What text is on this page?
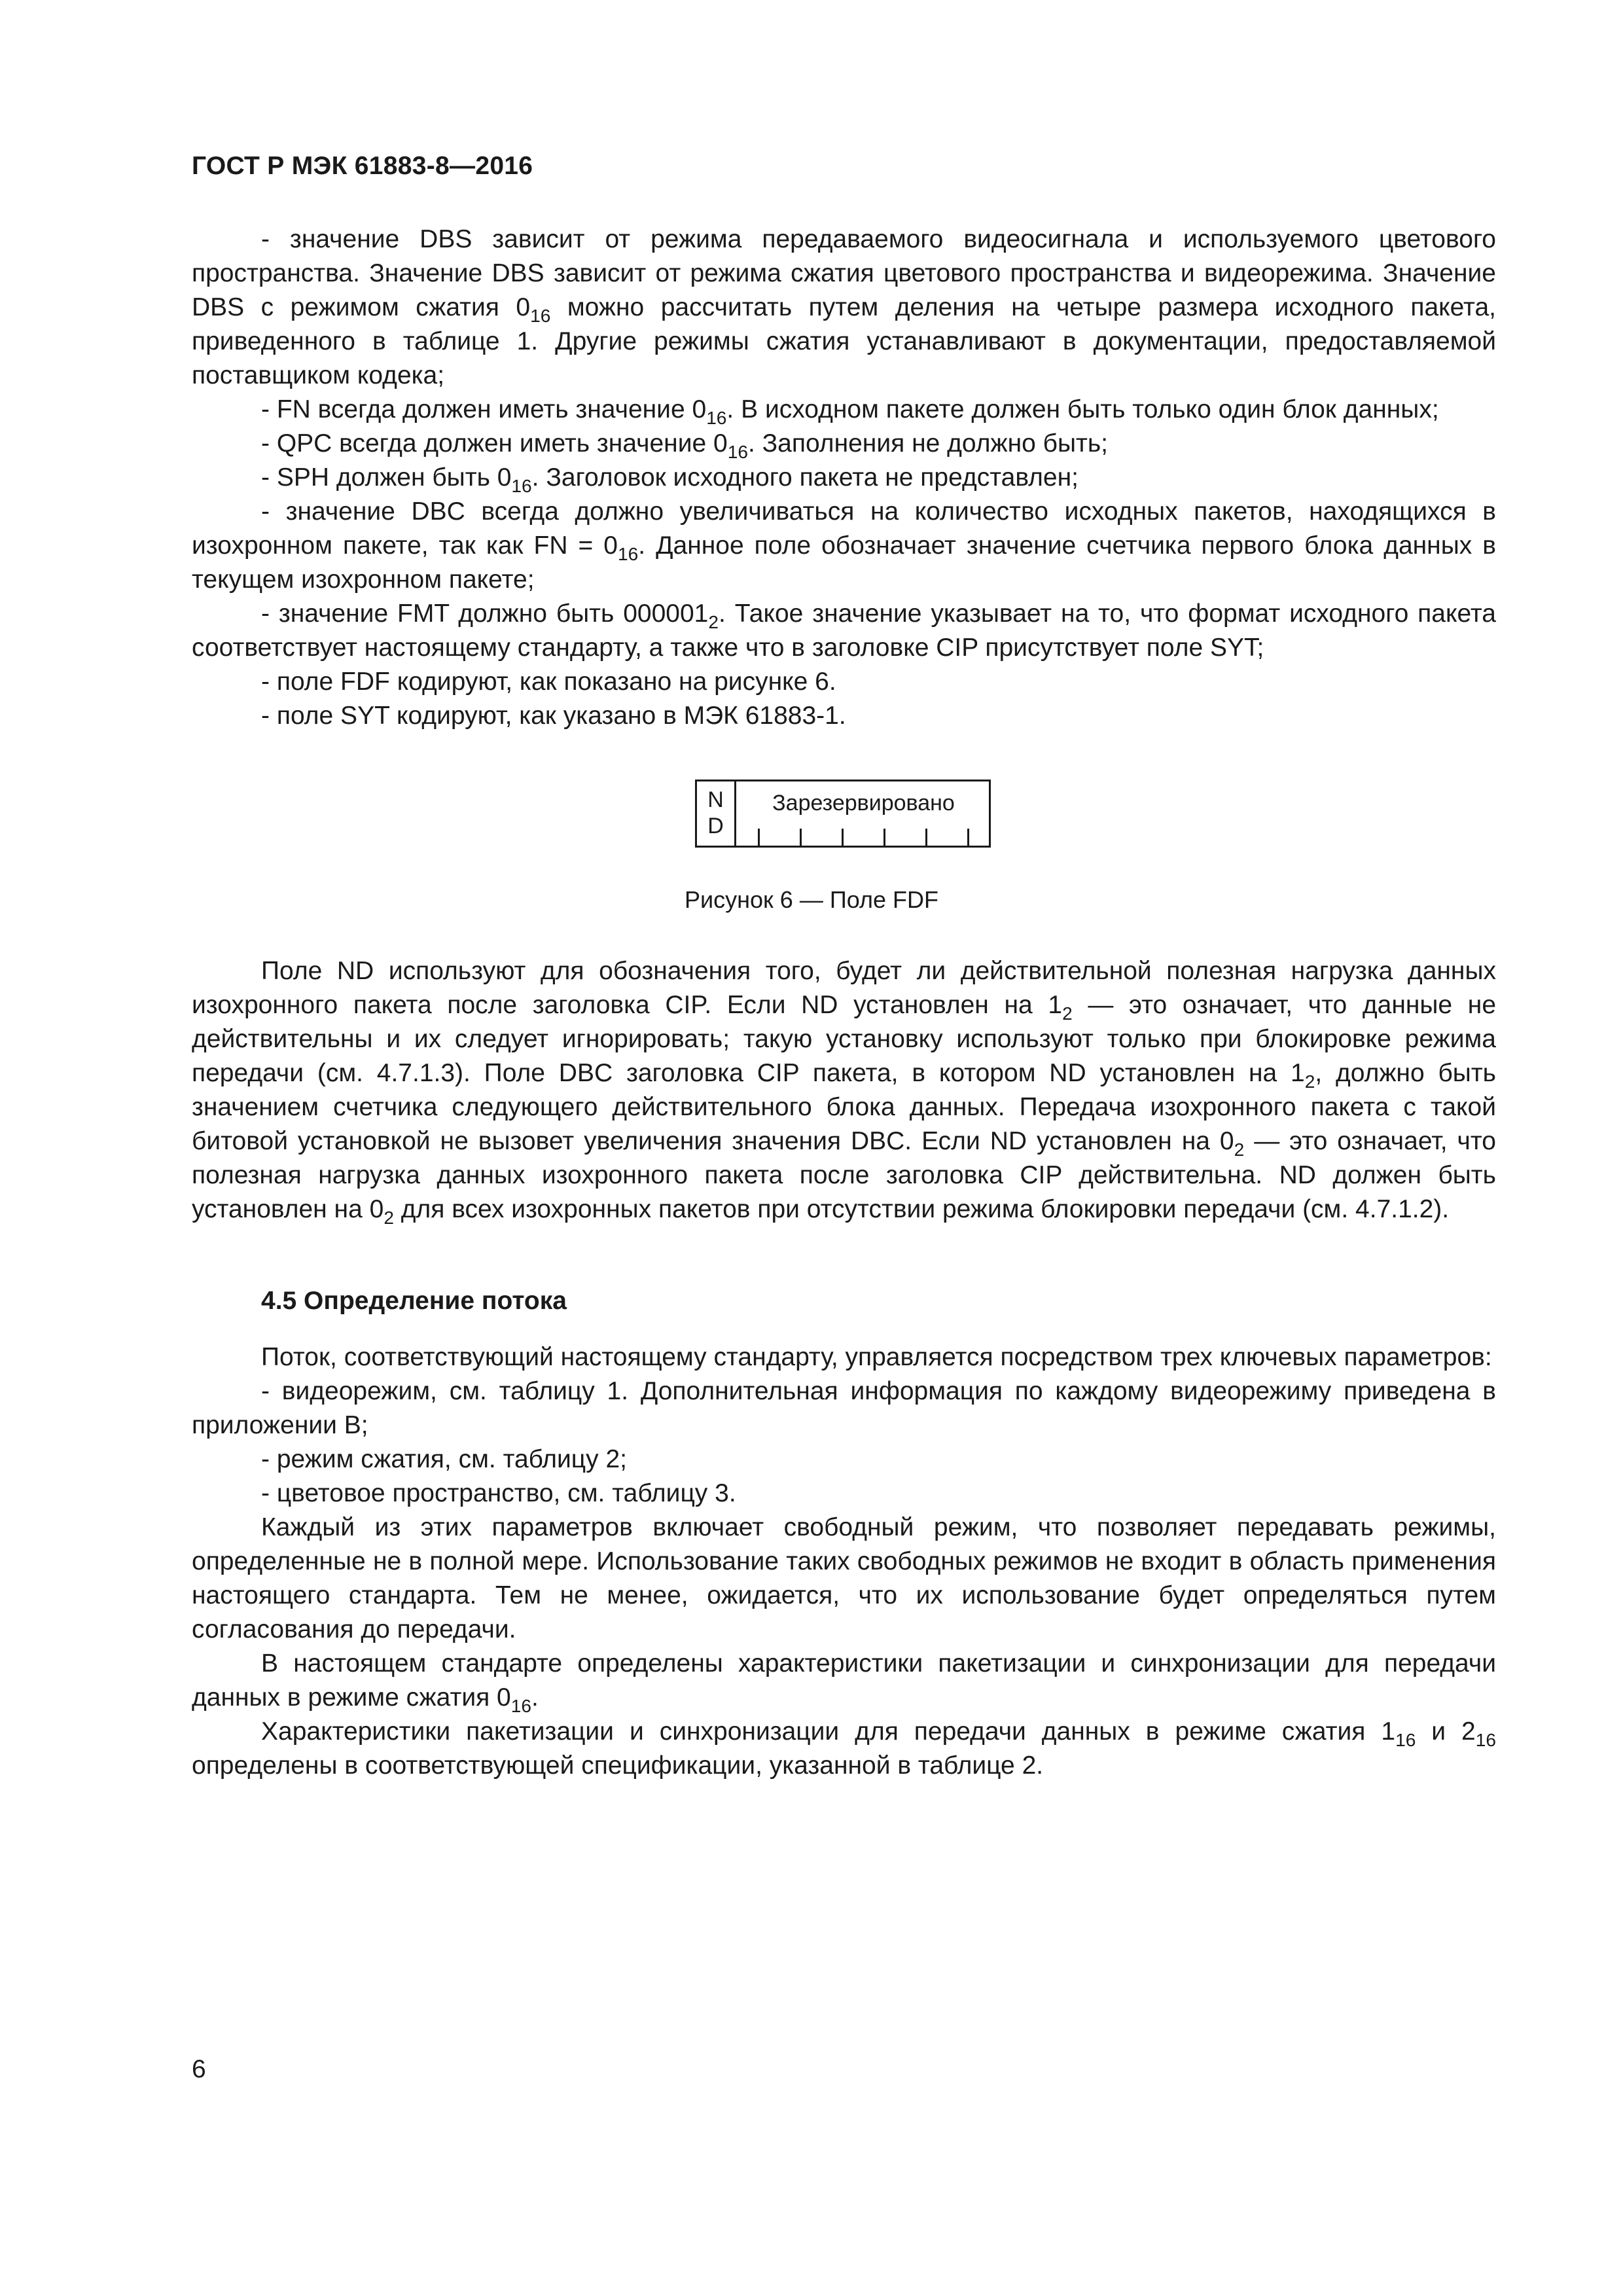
ГОСТ Р МЭК 61883-8—2016

- значение DBS зависит от режима передаваемого видеосигнала и используемого цветового пространства. Значение DBS зависит от режима сжатия цветового пространства и видеорежима. Значение DBS с режимом сжатия $0_{16}$ можно рассчитать путем деления на четыре размера исходного пакета, приведенного в таблице 1. Другие режимы сжатия устанавливают в документации, предоставляемой поставщиком кодека;

- FN всегда должен иметь значение $0_{16}$. В исходном пакете должен быть только один блок данных;

- QPC всегда должен иметь значение $0_{16}$. Заполнения не должно быть;

- SPH должен быть $0_{16}$. Заголовок исходного пакета не представлен;

- значение DBC всегда должно увеличиваться на количество исходных пакетов, находящихся в изохронном пакете, так как FN = $0_{16}$. Данное поле обозначает значение счетчика первого блока данных в текущем изохронном пакете;

- значение FMT должно быть $000001_2$. Такое значение указывает на то, что формат исходного пакета соответствует настоящему стандарту, а также что в заголовке CIP присутствует поле SYT;

- поле FDF кодируют, как показано на рисунке 6.

- поле SYT кодируют, как указано в МЭК 61883-1.

N
D
Зарезервировано
Рисунок 6 — Поле FDF

Поле ND используют для обозначения того, будет ли действительной полезная нагрузка данных изохронного пакета после заголовка CIP. Если ND установлен на $1_2$ — это означает, что данные не действительны и их следует игнорировать; такую установку используют только при блокировке режима передачи (см. 4.7.1.3). Поле DBC заголовка CIP пакета, в котором ND установлен на $1_2$, должно быть значением счетчика следующего действительного блока данных. Передача изохронного пакета с такой битовой установкой не вызовет увеличения значения DBC. Если ND установлен на $0_2$ — это означает, что полезная нагрузка данных изохронного пакета после заголовка CIP действительна. ND должен быть установлен на $0_2$ для всех изохронных пакетов при отсутствии режима блокировки передачи (см. 4.7.1.2).

4.5 Определение потока

Поток, соответствующий настоящему стандарту, управляется посредством трех ключевых параметров:

- видеорежим, см. таблицу 1. Дополнительная информация по каждому видеорежиму приведена в приложении В;

- режим сжатия, см. таблицу 2;

- цветовое пространство, см. таблицу 3.

Каждый из этих параметров включает свободный режим, что позволяет передавать режимы, определенные не в полной мере. Использование таких свободных режимов не входит в область применения настоящего стандарта. Тем не менее, ожидается, что их использование будет определяться путем согласования до передачи.

В настоящем стандарте определены характеристики пакетизации и синхронизации для передачи данных в режиме сжатия $0_{16}$.

Характеристики пакетизации и синхронизации для передачи данных в режиме сжатия $1_{16}$ и $2_{16}$ определены в соответствующей спецификации, указанной в таблице 2.

6
